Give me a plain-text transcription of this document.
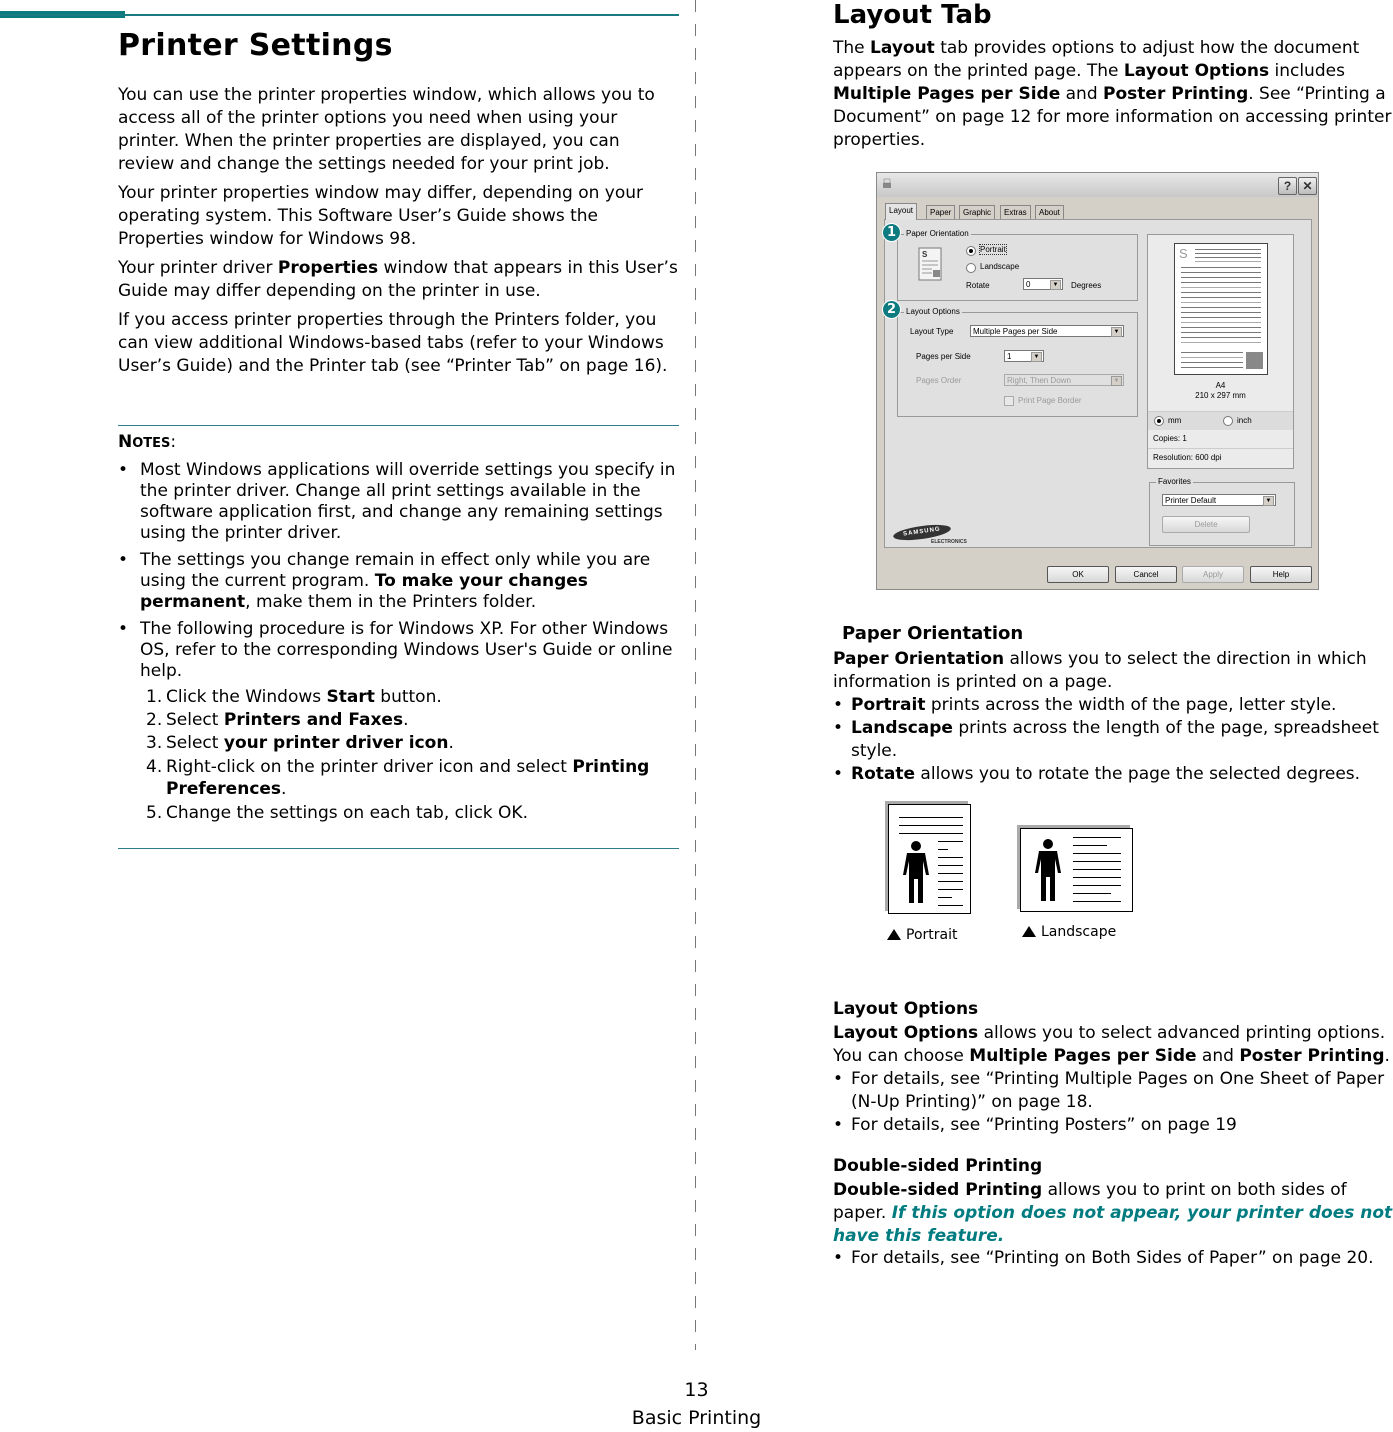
Printer Settings
You can use the printer properties window, which allows you to access all of the printer options you need when using your printer. When the printer properties are displayed, you can review and change the settings needed for your print job.
Your printer properties window may differ, depending on your operating system. This Software User’s Guide shows the Properties window for Windows 98.
Your printer driver Properties window that appears in this User’s Guide may differ depending on the printer in use.
If you access printer properties through the Printers folder, you can view additional Windows-based tabs (refer to your Windows User’s Guide) and the Printer tab (see “Printer Tab” on page 16).
NOTES:
• Most Windows applications will override settings you specify in the printer driver. Change all print settings available in the software application first, and change any remaining settings using the printer driver.
• The settings you change remain in effect only while you are using the current program. To make your changes permanent, make them in the Printers folder.
• The following procedure is for Windows XP. For other Windows OS, refer to the corresponding Windows User's Guide or online help.
1. Click the Windows Start button.
2. Select Printers and Faxes.
3. Select your printer driver icon.
4. Right-click on the printer driver icon and select Printing Preferences.
5. Change the settings on each tab, click OK.
Layout Tab
The Layout tab provides options to adjust how the document appears on the printed page. The Layout Options includes Multiple Pages per Side and Poster Printing. See “Printing a Document” on page 12 for more information on accessing printer properties.
? ✕
Layout	Paper	Graphic	Extras	About
1
2
Paper Orientation
S
Portrait
Landscape
Rotate	0	▼	Degrees
Layout Options
Layout Type	Multiple Pages per Side	▼
Pages per Side	1	▼
Pages Order	Right, Then Down	▼
Print Page Border
S
A4
210 x 297 mm
mm	inch
Copies: 1
Resolution: 600 dpi
Favorites
Printer Default	▼
Delete
SAMSUNG
ELECTRONICS
OK	Cancel	Apply	Help
Paper Orientation
Paper Orientation allows you to select the direction in which information is printed on a page.
• Portrait prints across the width of the page, letter style.
• Landscape prints across the length of the page, spreadsheet style.
• Rotate allows you to rotate the page the selected degrees.
Portrait	Landscape
Layout Options
Layout Options allows you to select advanced printing options. You can choose Multiple Pages per Side and Poster Printing.
• For details, see “Printing Multiple Pages on One Sheet of Paper (N-Up Printing)” on page 18.
• For details, see “Printing Posters” on page 19
Double-sided Printing
Double-sided Printing allows you to print on both sides of paper. If this option does not appear, your printer does not have this feature.
• For details, see “Printing on Both Sides of Paper” on page 20.
13
Basic Printing
